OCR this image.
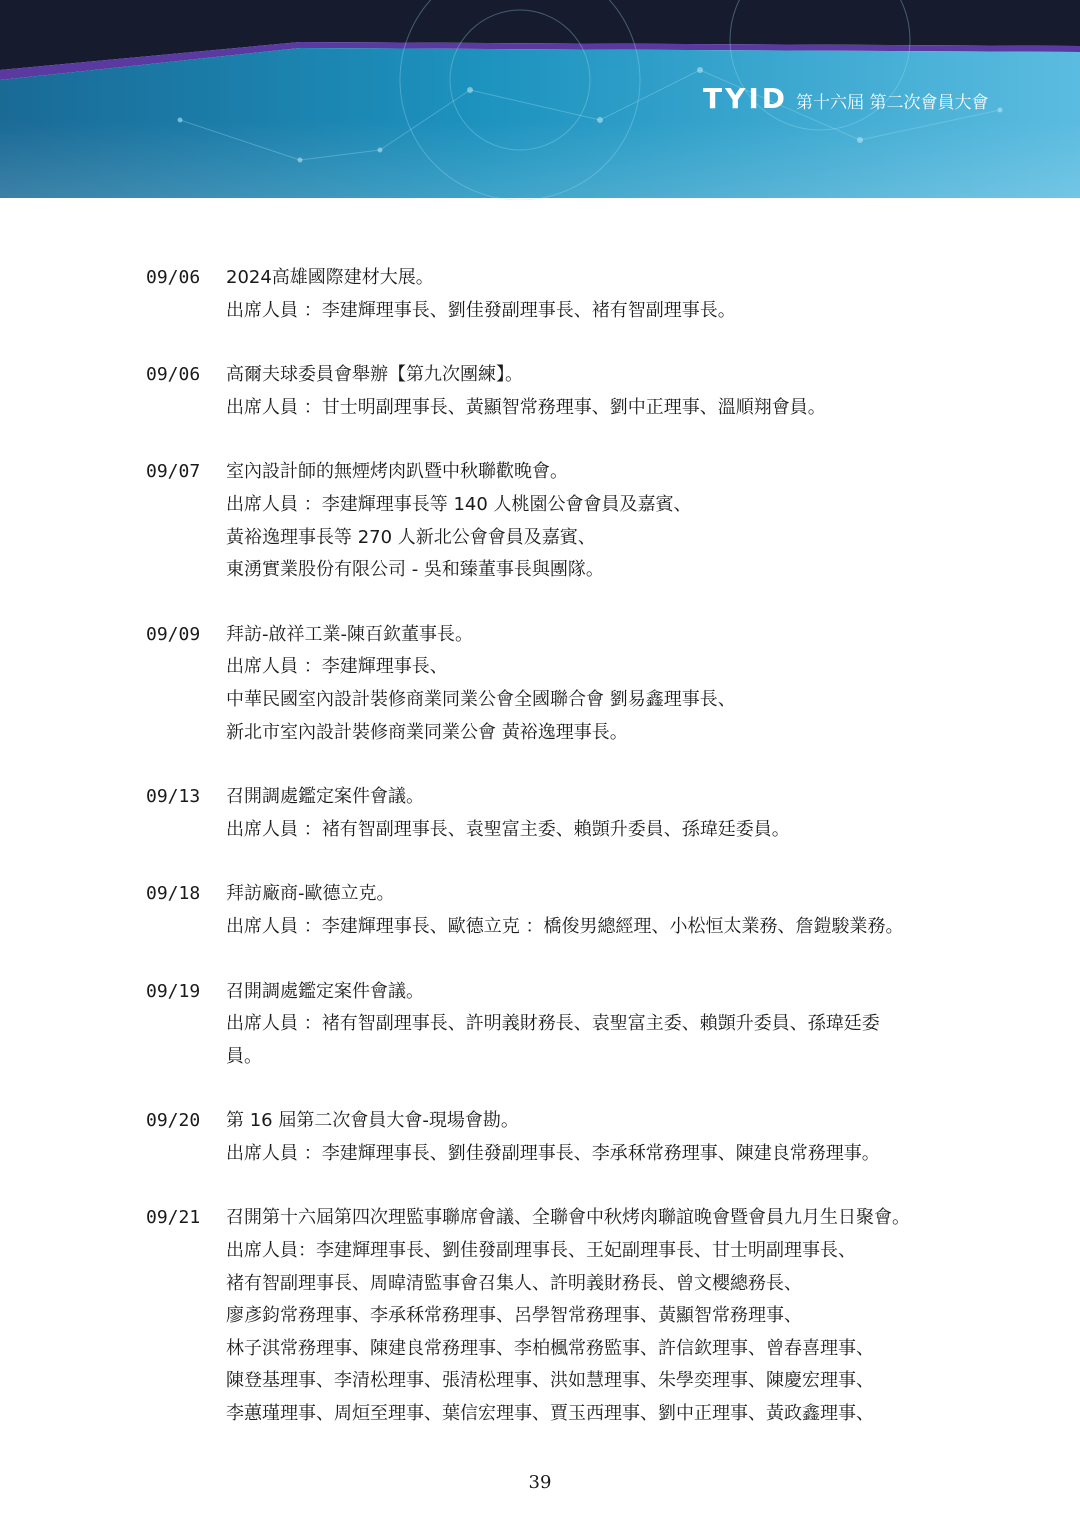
TYID 第十六屆 第二次會員大會
09/06	2024高雄國際建材大展。
出席人員 ：李建輝理事長、劉佳發副理事長、褚有智副理事長。
09/06	高爾夫球委員會舉辦【第九次團練】。
出席人員 ：甘士明副理事長、黃顯智常務理事、劉中正理事、溫順翔會員。
09/07	室內設計師的無煙烤肉趴暨中秋聯歡晚會。
出席人員 ：李建輝理事長等 140 人桃園公會會員及嘉賓、
黃裕逸理事長等 270 人新北公會會員及嘉賓、
東湧實業股份有限公司 - 吳和臻董事長與團隊。
09/09	拜訪-啟祥工業-陳百欽董事長。
出席人員 ：李建輝理事長、
中華民國室內設計裝修商業同業公會全國聯合會 劉易鑫理事長、
新北市室內設計裝修商業同業公會 黃裕逸理事長。
09/13	召開調處鑑定案件會議。
出席人員 ：褚有智副理事長、袁聖富主委、賴顗升委員、孫瑋廷委員。
09/18	拜訪廠商-歐德立克。
出席人員 ：李建輝理事長、歐德立克 ：橋俊男總經理、小松恒太業務、詹鎧駿業務。
09/19	召開調處鑑定案件會議。
出席人員 ：褚有智副理事長、許明義財務長、袁聖富主委、賴顗升委員、孫瑋廷委
員。
09/20	第 16 屆第二次會員大會-現場會勘。
出席人員 ：李建輝理事長、劉佳發副理事長、李承秝常務理事、陳建良常務理事。
09/21	召開第十六屆第四次理監事聯席會議、全聯會中秋烤肉聯誼晚會暨會員九月生日聚會。
出席人員：李建輝理事長、劉佳發副理事長、王妃副理事長、甘士明副理事長、
褚有智副理事長、周暐清監事會召集人、許明義財務長、曾文櫻總務長、
廖彥鈞常務理事、李承秝常務理事、呂學智常務理事、黃顯智常務理事、
林子淇常務理事、陳建良常務理事、李柏楓常務監事、許信欽理事、曾春喜理事、
陳登基理事、李清松理事、張清松理事、洪如慧理事、朱學奕理事、陳慶宏理事、
李蕙瑾理事、周烜至理事、葉信宏理事、賈玉西理事、劉中正理事、黃政鑫理事、
39
